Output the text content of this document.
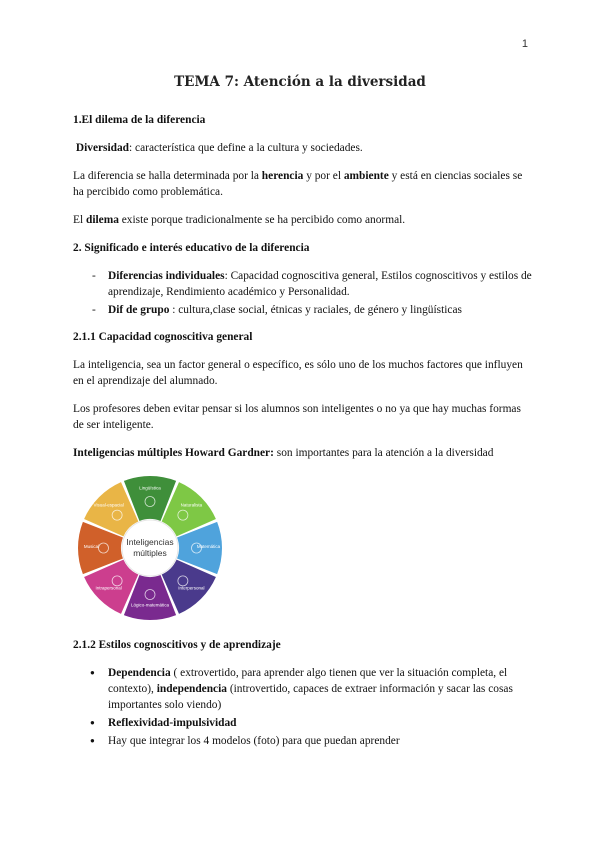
1
TEMA 7: Atención a la diversidad
1.El dilema de la diferencia
Diversidad: característica que define a la cultura y sociedades.
La diferencia se halla determinada por la herencia y por el ambiente y está en ciencias sociales se ha percibido como problemática.
El dilema existe porque tradicionalmente se ha percibido como anormal.
2. Significado e interés educativo de la diferencia
- Diferencias individuales: Capacidad cognoscitiva general, Estilos cognoscitivos y estilos de aprendizaje, Rendimiento académico y Personalidad.
- Dif de grupo : cultura,clase social, étnicas y raciales, de género y lingüísticas
2.1.1 Capacidad cognoscitiva general
La inteligencia, sea un factor general o específico, es sólo uno de los muchos factores que influyen en el aprendizaje del alumnado.
Los profesores deben evitar pensar si los alumnos son inteligentes o no ya que hay muchas formas de ser inteligente.
Inteligencias múltiples Howard Gardner: son importantes para la atención a la diversidad
Lingüística
Naturalista
Matemática
Interpersonal
Lógico-matemática
Intrapersonal
Musical
Visual-espacial
Inteligencias
múltiples
2.1.2 Estilos cognoscitivos y de aprendizaje
● Dependencia ( extrovertido, para aprender algo tienen que ver la situación completa, el contexto), independencia (introvertido, capaces de extraer información y sacar las cosas importantes solo viendo)
● Reflexividad-impulsividad
● Hay que integrar los 4 modelos (foto) para que puedan aprender
